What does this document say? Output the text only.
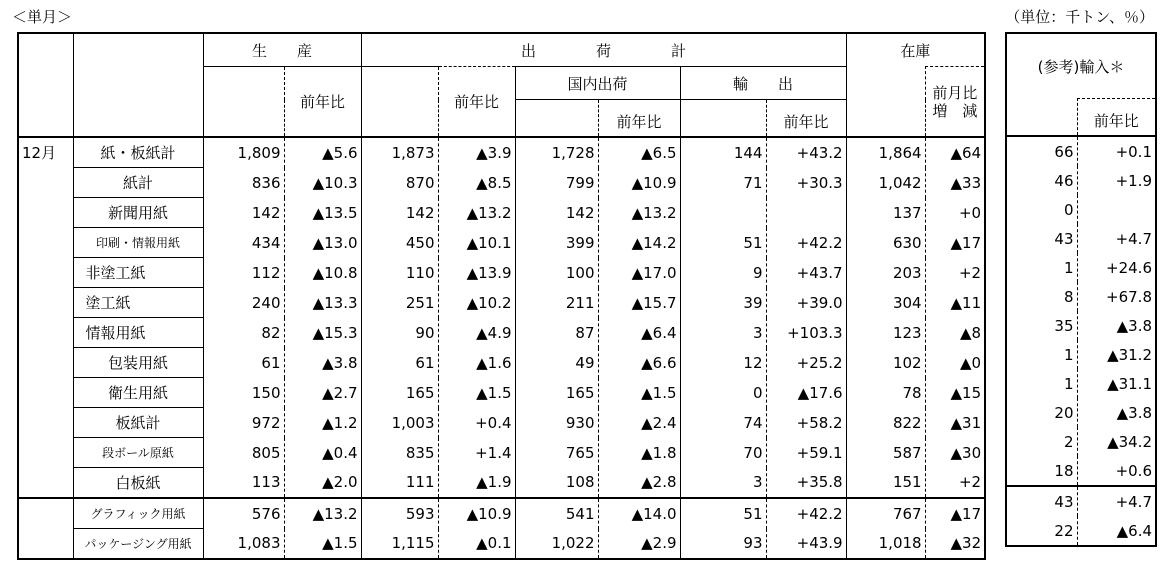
＜単月＞	（単位：千トン、％）
		生　　産		出　　　　荷　　　　計						在庫	
			前年比		前年比	国内出荷		輸　　出			前月比
増　減

							前年比		前年比		
12月	紙・板紙計	1,809	▲5.6	1,873	▲3.9	1,728	▲6.5	144	+43.2	1,864	▲64
	紙計	836	▲10.3	870	▲8.5	799	▲10.9	71	+30.3	1,042	▲33
	新聞用紙	142	▲13.5	142	▲13.2	142	▲13.2			137	+0
	印刷・情報用紙	434	▲13.0	450	▲10.1	399	▲14.2	51	+42.2	630	▲17
	非塗工紙	112	▲10.8	110	▲13.9	100	▲17.0	9	+43.7	203	+2
	塗工紙	240	▲13.3	251	▲10.2	211	▲15.7	39	+39.0	304	▲11
	情報用紙	82	▲15.3	90	▲4.9	87	▲6.4	3	+103.3	123	▲8
	包装用紙	61	▲3.8	61	▲1.6	49	▲6.6	12	+25.2	102	▲0
	衛生用紙	150	▲2.7	165	▲1.5	165	▲1.5	0	▲17.6	78	▲15
	板紙計	972	▲1.2	1,003	+0.4	930	▲2.4	74	+58.2	822	▲31
	段ボール原紙	805	▲0.4	835	+1.4	765	▲1.8	70	+59.1	587	▲30
	白板紙	113	▲2.0	111	▲1.9	108	▲2.8	3	+35.8	151	+2
	グラフィック用紙	576	▲13.2	593	▲10.9	541	▲14.0	51	+42.2	767	▲17
	パッケージング用紙	1,083	▲1.5	1,115	▲0.1	1,022	▲2.9	93	+43.9	1,018	▲32
(参考)輸入＊	

	前年比
66	+0.1
46	+1.9
0	
43	+4.7
1	+24.6
8	+67.8
35	▲3.8
1	▲31.2
1	▲31.1
20	▲3.8
2	▲34.2
18	+0.6
43	+4.7
22	▲6.4
